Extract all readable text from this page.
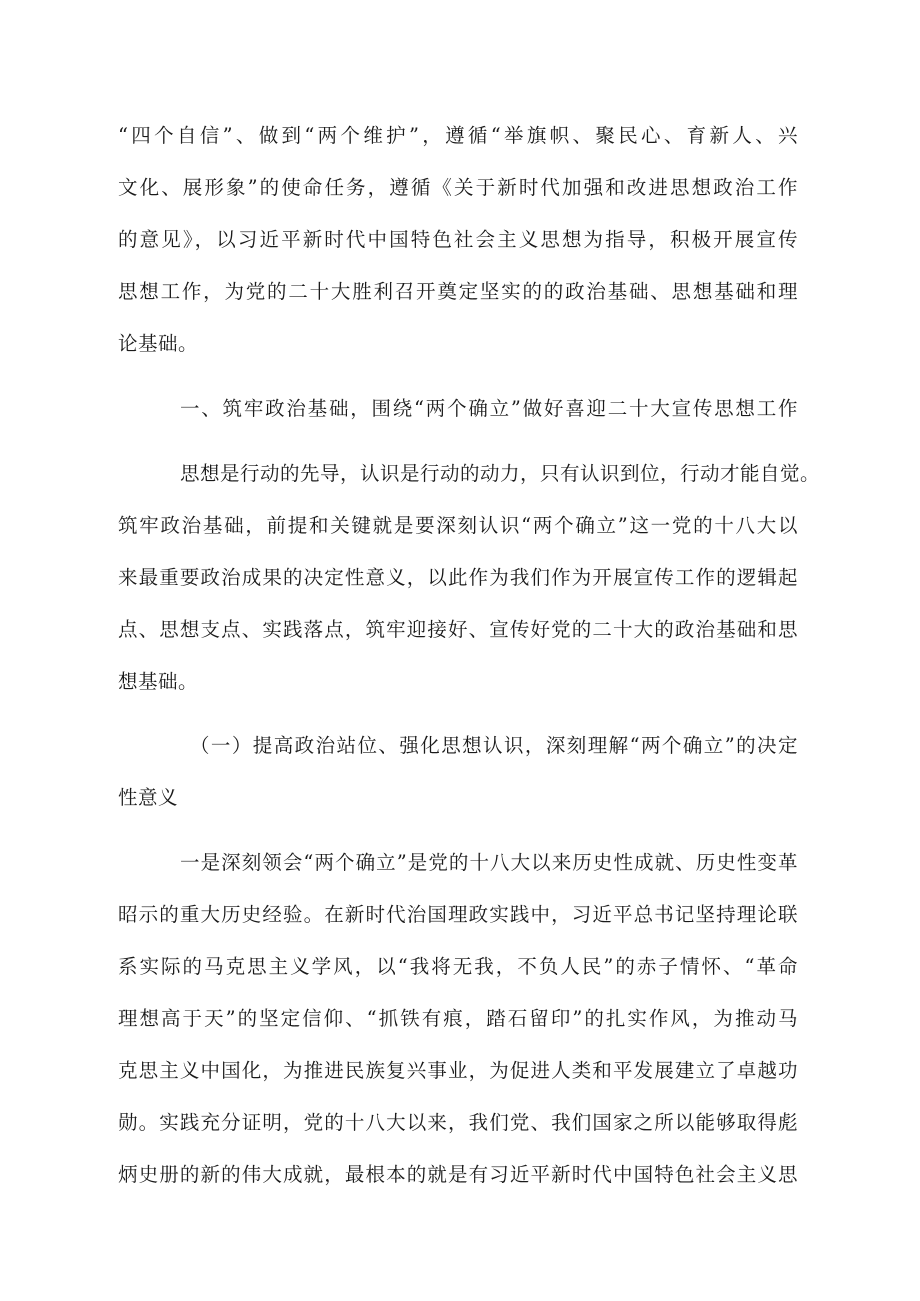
“四个自信”、做到“两个维护”，遵循“举旗帜、聚民心、育新人、兴
文化、展形象”的使命任务，遵循《关于新时代加强和改进思想政治工作
的意见》，以习近平新时代中国特色社会主义思想为指导，积极开展宣传
思想工作，为党的二十大胜利召开奠定坚实的的政治基础、思想基础和理
论基础。
一、筑牢政治基础，围绕“两个确立”做好喜迎二十大宣传思想工作
思想是行动的先导，认识是行动的动力，只有认识到位，行动才能自觉。
筑牢政治基础，前提和关键就是要深刻认识“两个确立”这一党的十八大以
来最重要政治成果的决定性意义，以此作为我们作为开展宣传工作的逻辑起
点、思想支点、实践落点，筑牢迎接好、宣传好党的二十大的政治基础和思
想基础。
（一）提高政治站位、强化思想认识，深刻理解“两个确立”的决定
性意义
一是深刻领会“两个确立”是党的十八大以来历史性成就、历史性变革
昭示的重大历史经验。在新时代治国理政实践中，习近平总书记坚持理论联
系实际的马克思主义学风，以“我将无我，不负人民”的赤子情怀、“革命
理想高于天”的坚定信仰、“抓铁有痕，踏石留印”的扎实作风，为推动马
克思主义中国化，为推进民族复兴事业，为促进人类和平发展建立了卓越功
勋。实践充分证明，党的十八大以来，我们党、我们国家之所以能够取得彪
炳史册的新的伟大成就，最根本的就是有习近平新时代中国特色社会主义思
